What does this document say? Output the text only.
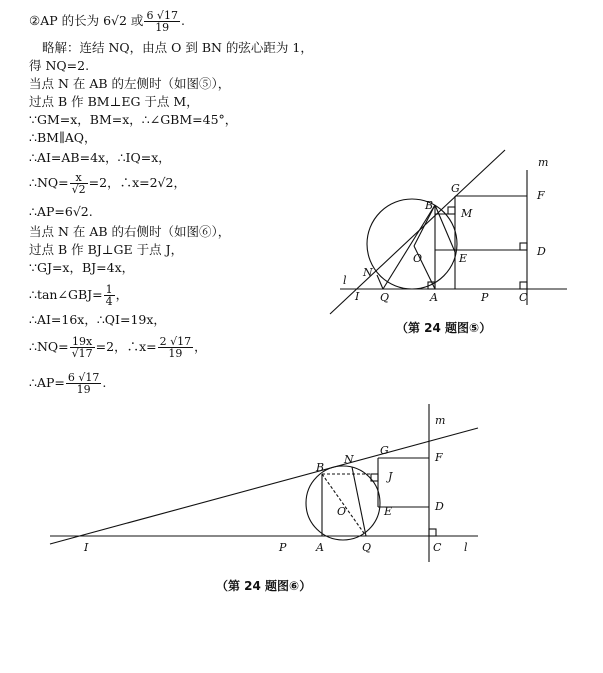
②AP 的长为 6√2 或 $\frac{6 √17}{19}$ .
略解：连结 NQ，由点 O 到 BN 的弦心距为 1，
得 NQ=2.
当点 N 在 AB 的左侧时（如图⑤），
过点 B 作 BM⊥EG 于点 M，
∵GM=x，BM=x，∴∠GBM=45°，
∴BM∥AQ，
∴AI=AB=4x，∴IQ=x，
∴NQ= $\frac{x}{√2} =2$，∴x=2√2，
∴AP=6√2.
当点 N 在 AB 的右侧时（如图⑥），
过点 B 作 BJ⊥GE 于点 J，
∵GJ=x，BJ=4x，
∴tan∠GBJ= $\frac{1}{4}$ ，
∴AI=16x，∴QI=19x，
∴NQ= $\frac{19x}{√17} =2$，∴x= $\frac{2 √17}{19}$ ，
∴AP= $\frac{6 √17}{19}$ .
m
G
F
B
M
O	E
D
N
l
I Q	A	P	C
m
G
F
B
N
J
O	E	D
I	P	A	Q	C l
（第 24 题图⑤）
（第 24 题图⑥）
